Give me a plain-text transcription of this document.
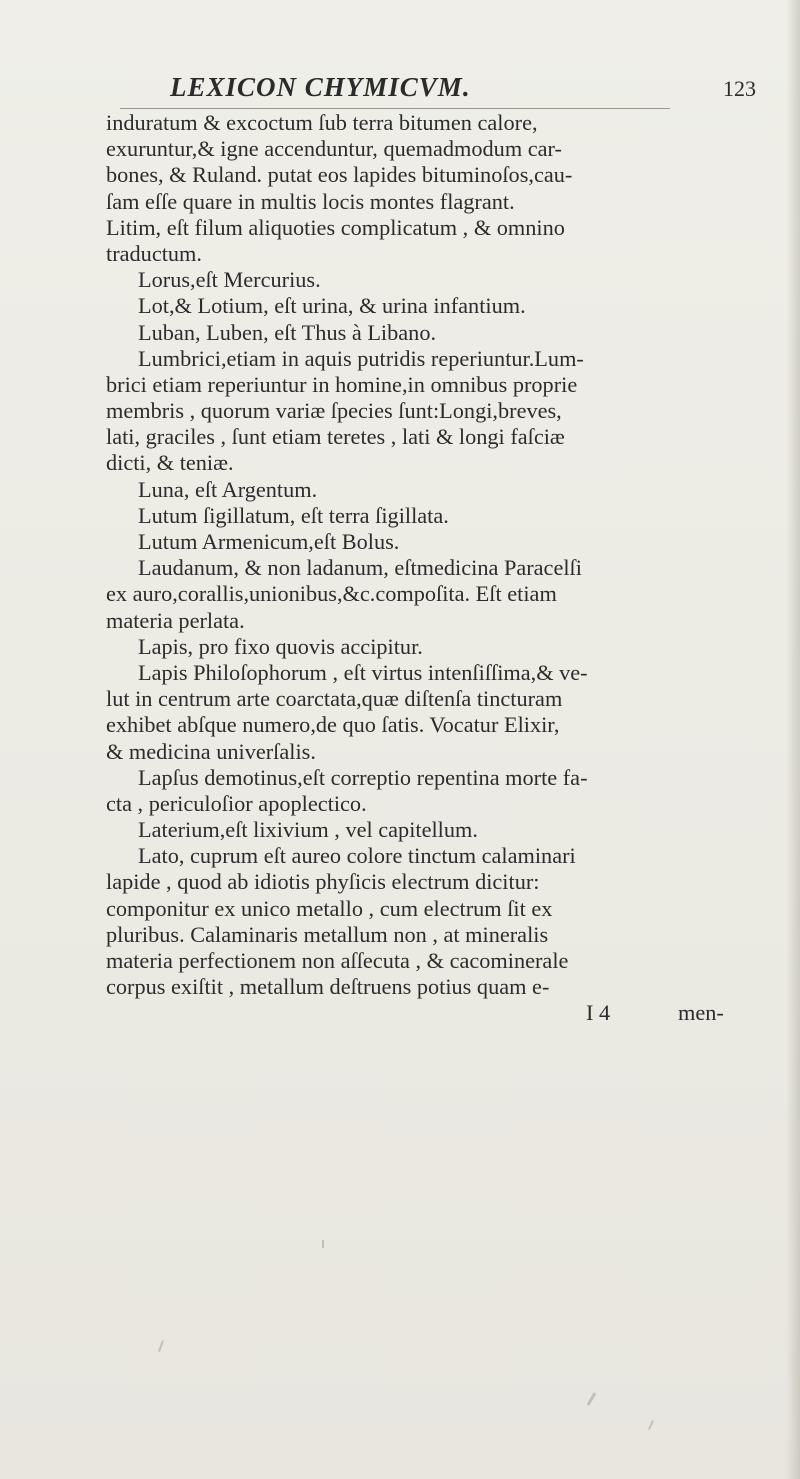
LEXICON CHYMICVM.	123
induratum & excoctum ſub terra bitumen calore,
exuruntur,& igne accenduntur, quemadmodum car-
bones, & Ruland. putat eos lapides bituminoſos,cau-
ſam eſſe quare in multis locis montes flagrant.
Litim, eſt filum aliquoties complicatum , & omnino
traductum.
Lorus,eſt Mercurius.
Lot,& Lotium, eſt urina, & urina infantium.
Luban, Luben, eſt Thus à Libano.
Lumbrici,etiam in aquis putridis reperiuntur.Lum-
brici etiam reperiuntur in homine,in omnibus proprie
membris , quorum variæ ſpecies ſunt:Longi,breves,
lati, graciles , ſunt etiam teretes , lati & longi faſciæ
dicti, & teniæ.
Luna, eſt Argentum.
Lutum ſigillatum, eſt terra ſigillata.
Lutum Armenicum,eſt Bolus.
Laudanum, & non ladanum, eſtmedicina Paracelſi
ex auro,corallis,unionibus,&c.compoſita. Eſt etiam
materia perlata.
Lapis, pro fixo quovis accipitur.
Lapis Philoſophorum , eſt virtus intenſiſſima,& ve-
lut in centrum arte coarctata,quæ diſtenſa tincturam
exhibet abſque numero,de quo ſatis. Vocatur Elixir,
& medicina univerſalis.
Lapſus demotinus,eſt correptio repentina morte fa-
cta , periculoſior apoplectico.
Laterium,eſt lixivium , vel capitellum.
Lato, cuprum eſt aureo colore tinctum calaminari
lapide , quod ab idiotis phyſicis electrum dicitur:
componitur ex unico metallo , cum electrum ſit ex
pluribus. Calaminaris metallum non , at mineralis
materia perfectionem non aſſecuta , & cacominerale
corpus exiſtit , metallum deſtruens potius quam e-
I 4	men-
